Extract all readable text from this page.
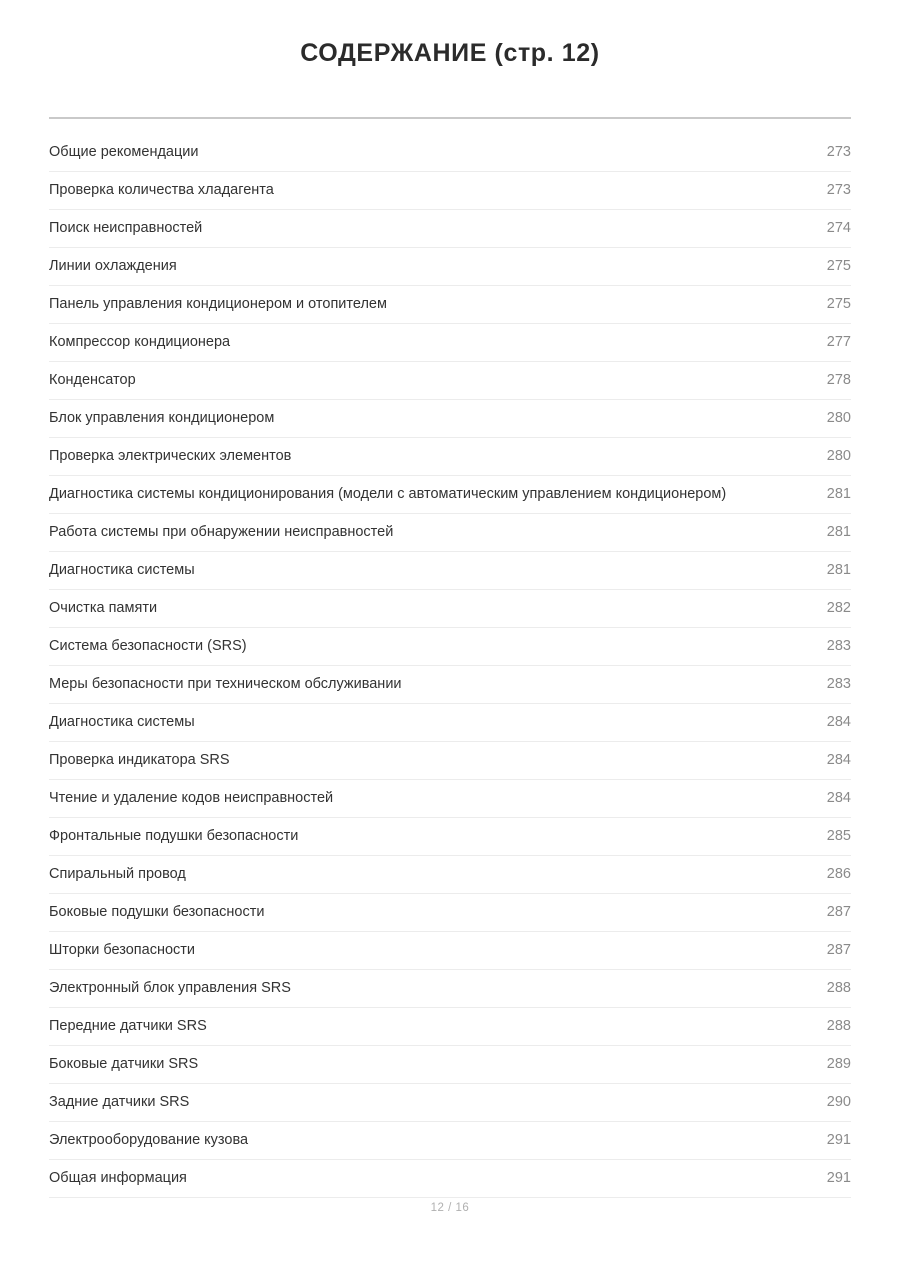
СОДЕРЖАНИЕ (стр. 12)
Общие рекомендации	273
Проверка количества хладагента	273
Поиск неисправностей	274
Линии охлаждения	275
Панель управления кондиционером и отопителем	275
Компрессор кондиционера	277
Конденсатор	278
Блок управления кондиционером	280
Проверка электрических элементов	280
Диагностика системы кондиционирования (модели с автоматическим управлением кондиционером)	281
Работа системы при обнаружении неисправностей	281
Диагностика системы	281
Очистка памяти	282
Система безопасности (SRS)	283
Меры безопасности при техническом обслуживании	283
Диагностика системы	284
Проверка индикатора SRS	284
Чтение и удаление кодов неисправностей	284
Фронтальные подушки безопасности	285
Спиральный провод	286
Боковые подушки безопасности	287
Шторки безопасности	287
Электронный блок управления SRS	288
Передние датчики SRS	288
Боковые датчики SRS	289
Задние датчики SRS	290
Электрооборудование кузова	291
Общая информация	291
12 / 16
